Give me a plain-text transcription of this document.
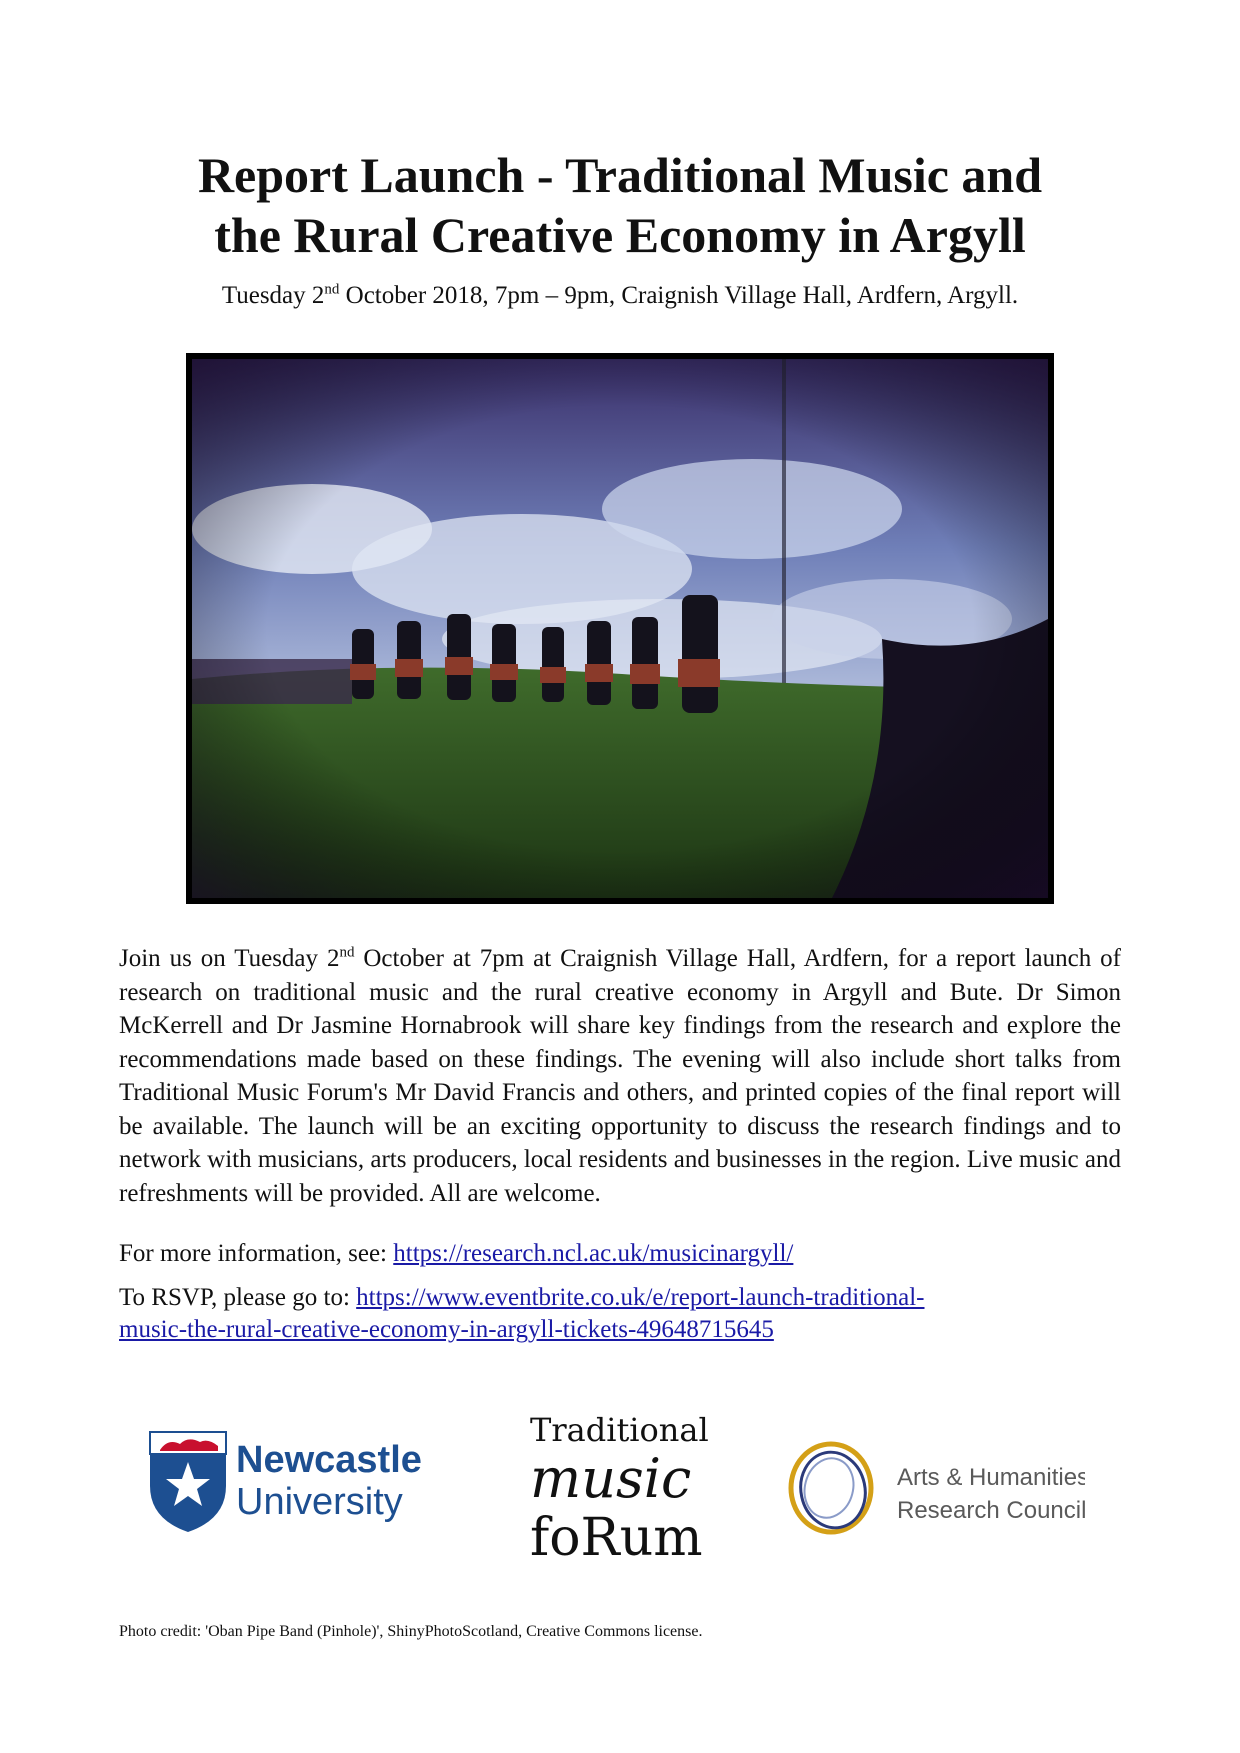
Report Launch - Traditional Music and
the Rural Creative Economy in Argyll
Tuesday 2nd October 2018, 7pm – 9pm, Craignish Village Hall, Ardfern, Argyll.

Join us on Tuesday 2nd October at 7pm at Craignish Village Hall, Ardfern, for a report launch of research on traditional music and the rural creative economy in Argyll and Bute. Dr Simon McKerrell and Dr Jasmine Hornabrook will share key findings from the research and explore the recommendations made based on these findings. The evening will also include short talks from Traditional Music Forum's Mr David Francis and others, and printed copies of the final report will be available. The launch will be an exciting opportunity to discuss the research findings and to network with musicians, arts producers, local residents and businesses in the region. Live music and refreshments will be provided. All are welcome.

For more information, see: https://research.ncl.ac.uk/musicinargyll/

To RSVP, please go to: https://www.eventbrite.co.uk/e/report-launch-traditional-
music-the-rural-creative-economy-in-argyll-tickets-49648715645

Newcastle
University
Traditional
music
foRum
Arts & Humanities
Research Council

Photo credit: 'Oban Pipe Band (Pinhole)', ShinyPhotoScotland, Creative Commons license.
